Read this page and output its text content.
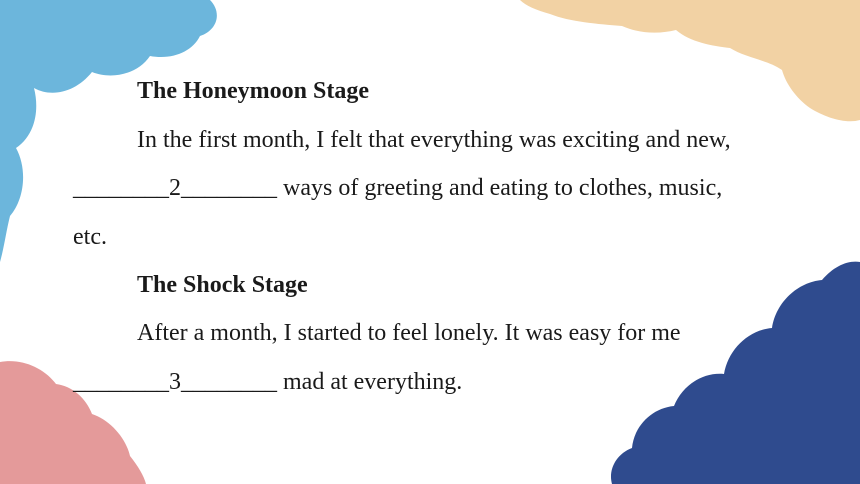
The Honeymoon Stage
In the first month, I felt that everything was exciting and new,
________2________ ways of greeting and eating to clothes, music,
etc.
The Shock Stage
After a month, I started to feel lonely. It was easy for me
________3________ mad at everything.
